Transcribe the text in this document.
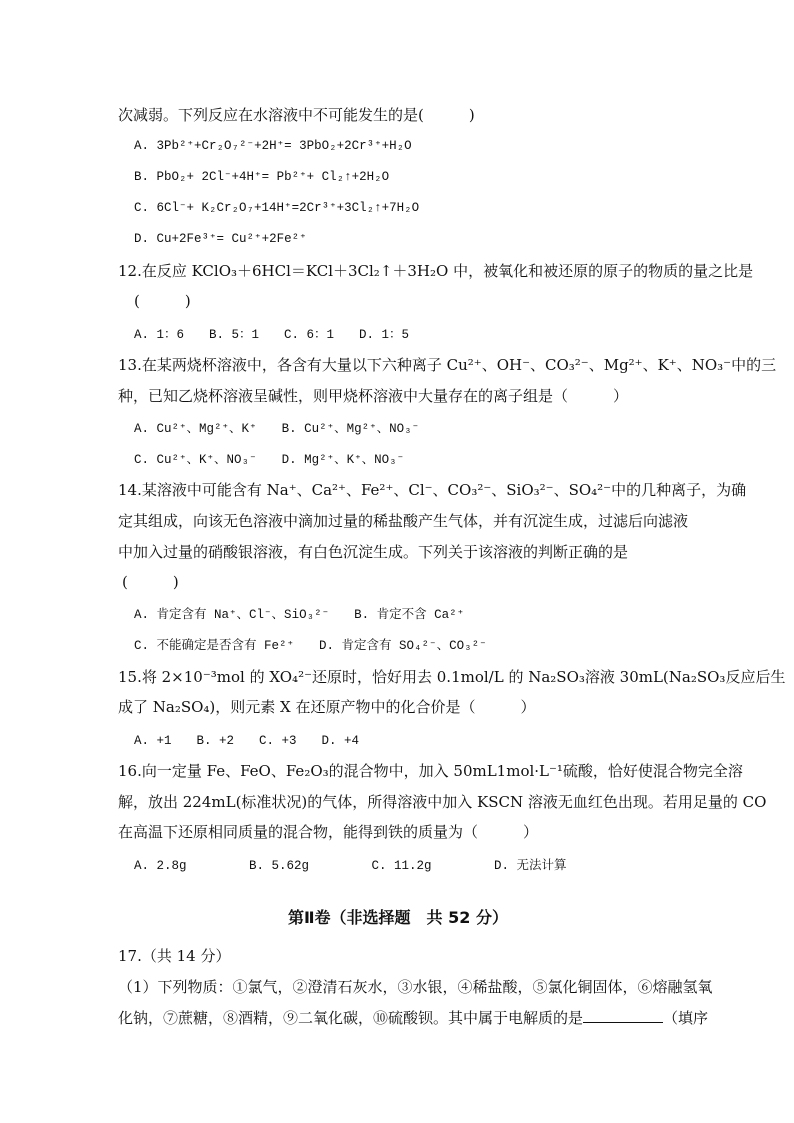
次减弱。下列反应在水溶液中不可能发生的是(　　　)
A. 3Pb²⁺+Cr₂O₇²⁻+2H⁺= 3PbO₂+2Cr³⁺+H₂O
B. PbO₂+ 2Cl⁻+4H⁺= Pb²⁺+ Cl₂↑+2H₂O
C. 6Cl⁻+ K₂Cr₂O₇+14H⁺=2Cr³⁺+3Cl₂↑+7H₂O
D. Cu+2Fe³⁺= Cu²⁺+2Fe²⁺
12.在反应 KClO₃＋6HCl＝KCl＋3Cl₂↑＋3H₂O 中，被氧化和被还原的原子的物质的量之比是
(　　　)
A. 1：6　　B. 5：1　　C. 6：1　　D. 1：5
13.在某两烧杯溶液中，各含有大量以下六种离子 Cu²⁺、OH⁻、CO₃²⁻、Mg²⁺、K⁺、NO₃⁻中的三
种，已知乙烧杯溶液呈碱性，则甲烧杯溶液中大量存在的离子组是（　　　）
A. Cu²⁺、Mg²⁺、K⁺　　B. Cu²⁺、Mg²⁺、NO₃⁻
C. Cu²⁺、K⁺、NO₃⁻　　D. Mg²⁺、K⁺、NO₃⁻
14.某溶液中可能含有 Na⁺、Ca²⁺、Fe²⁺、Cl⁻、CO₃²⁻、SiO₃²⁻、SO₄²⁻中的几种离子，为确
定其组成，向该无色溶液中滴加过量的稀盐酸产生气体，并有沉淀生成，过滤后向滤液
中加入过量的硝酸银溶液，有白色沉淀生成。下列关于该溶液的判断正确的是
(　　　)
A. 肯定含有 Na⁺、Cl⁻、SiO₃²⁻　　B. 肯定不含 Ca²⁺
C. 不能确定是否含有 Fe²⁺　　D. 肯定含有 SO₄²⁻、CO₃²⁻
15.将 2×10⁻³mol 的 XO₄²⁻还原时，恰好用去 0.1mol/L 的 Na₂SO₃溶液 30mL(Na₂SO₃反应后生
成了 Na₂SO₄)，则元素 X 在还原产物中的化合价是（　　　）
A. +1　　B. +2　　C. +3　　D. +4
16.向一定量 Fe、FeO、Fe₂O₃的混合物中，加入 50mL1mol·L⁻¹硫酸，恰好使混合物完全溶
解，放出 224mL(标准状况)的气体，所得溶液中加入 KSCN 溶液无血红色出现。若用足量的 CO
在高温下还原相同质量的混合物，能得到铁的质量为（　　　）
A. 2.8g　　　　　B. 5.62g　　　　　C. 11.2g　　　　　D. 无法计算
第Ⅱ卷（非选择题　共 52 分）
17.（共 14 分）
（1）下列物质：①氯气，②澄清石灰水，③水银，④稀盐酸，⑤氯化铜固体，⑥熔融氢氧
化钠，⑦蔗糖，⑧酒精，⑨二氧化碳，⑩硫酸钡。其中属于电解质的是	（填序
